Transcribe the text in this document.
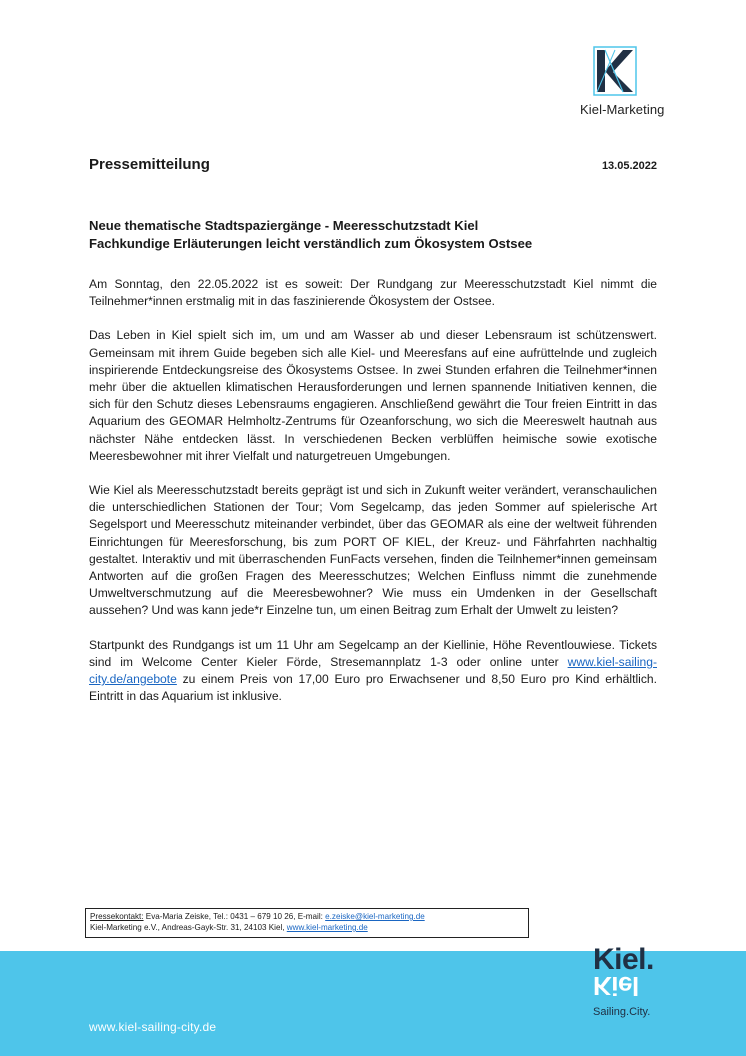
Kiel-Marketing
Pressemitteilung	13.05.2022
Neue thematische Stadtspaziergänge - Meeresschutzstadt Kiel
Fachkundige Erläuterungen leicht verständlich zum Ökosystem Ostsee

Am Sonntag, den 22.05.2022 ist es soweit: Der Rundgang zur Meeresschutzstadt Kiel nimmt die Teilnehmer*innen erstmalig mit in das faszinierende Ökosystem der Ostsee.

Das Leben in Kiel spielt sich im, um und am Wasser ab und dieser Lebensraum ist schützenswert. Gemeinsam mit ihrem Guide begeben sich alle Kiel- und Meeresfans auf eine aufrüttelnde und zugleich inspirierende Entdeckungsreise des Ökosystems Ostsee. In zwei Stunden erfahren die Teilnehmer*innen mehr über die aktuellen klimatischen Herausforderungen und lernen spannende Initiativen kennen, die sich für den Schutz dieses Lebensraums engagieren. Anschließend gewährt die Tour freien Eintritt in das Aquarium des GEOMAR Helmholtz-Zentrums für Ozeanforschung, wo sich die Meereswelt hautnah aus nächster Nähe entdecken lässt. In verschiedenen Becken verblüffen heimische sowie exotische Meeresbewohner mit ihrer Vielfalt und naturgetreuen Umgebungen.

Wie Kiel als Meeresschutzstadt bereits geprägt ist und sich in Zukunft weiter verändert, veranschaulichen die unterschiedlichen Stationen der Tour; Vom Segelcamp, das jeden Sommer auf spielerische Art Segelsport und Meeresschutz miteinander verbindet, über das GEOMAR als eine der weltweit führenden Einrichtungen für Meeresforschung, bis zum PORT OF KIEL, der Kreuz- und Fährfahrten nachhaltig gestaltet. Interaktiv und mit überraschenden FunFacts versehen, finden die Teilnhemer*innen gemeinsam Antworten auf die großen Fragen des Meeresschutzes; Welchen Einfluss nimmt die zunehmende Umweltverschmutzung auf die Meeresbewohner? Wie muss ein Umdenken in der Gesellschaft aussehen? Und was kann jede*r Einzelne tun, um einen Beitrag zum Erhalt der Umwelt zu leisten?

Startpunkt des Rundgangs ist um 11 Uhr am Segelcamp an der Kiellinie, Höhe Reventlouwiese. Tickets sind im Welcome Center Kieler Förde, Stresemannplatz 1-3 oder online unter www.kiel-sailing-city.de/angebote zu einem Preis von 17,00 Euro pro Erwachsener und 8,50 Euro pro Kind erhältlich. Eintritt in das Aquarium ist inklusive.

Pressekontakt: Eva-Maria Zeiske, Tel.: 0431 – 679 10 26, E-mail: e.zeiske@kiel-marketing.de
Kiel-Marketing e.V., Andreas-Gayk-Str. 31, 24103 Kiel, www.kiel-marketing.de
www.kiel-sailing-city.de
Kiel.
Kiel
Sailing.City.
